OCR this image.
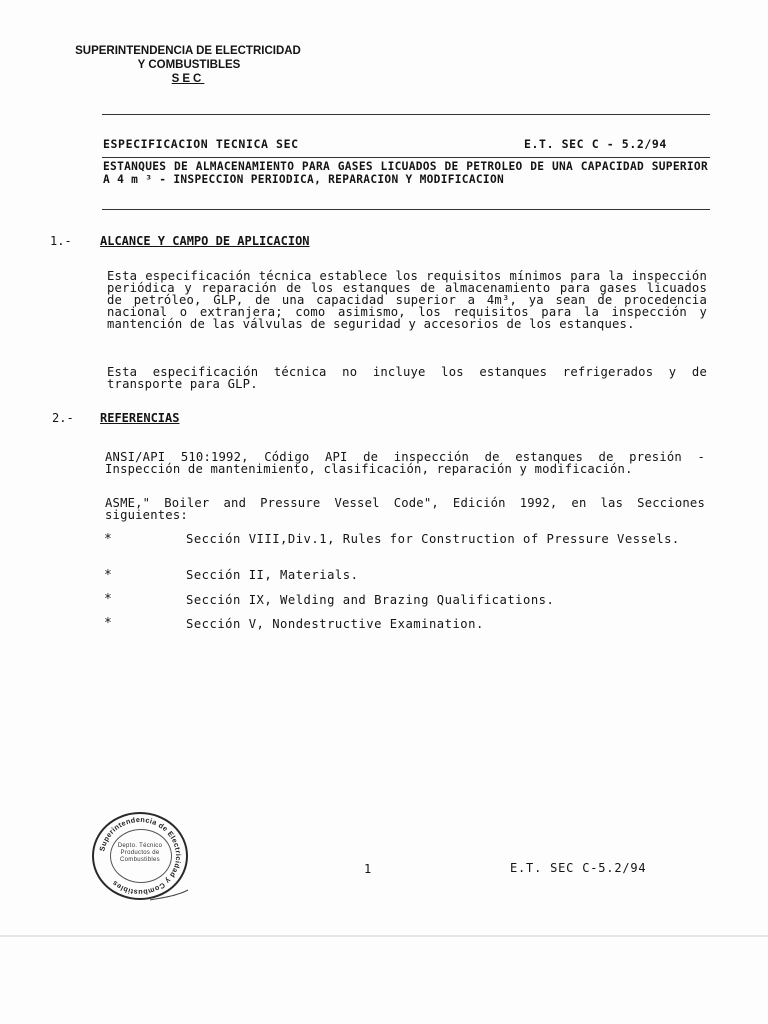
SUPERINTENDENCIA DE ELECTRICIDAD
Y COMBUSTIBLES
SEC
ESPECIFICACION TECNICA SEC	E.T. SEC C - 5.2/94
ESTANQUES DE ALMACENAMIENTO PARA GASES LICUADOS DE PETROLEO DE UNA CAPACIDAD SUPERIOR A 4 m ³ - INSPECCION PERIODICA, REPARACION Y MODIFICACION
1.- ALCANCE Y CAMPO DE APLICACION
Esta especificación técnica establece los requisitos mínimos para la inspección periódica y reparación de los estanques de almacenamiento para gases licuados de petróleo, GLP, de una capacidad superior a 4m³, ya sean de procedencia nacional o extranjera; como asimismo, los requisitos para la inspección y mantención de las válvulas de seguridad y accesorios de los estanques.
Esta especificación técnica no incluye los estanques refrigerados y de transporte para GLP.
2.- REFERENCIAS
ANSI/API 510:1992, Código API de inspección de estanques de presión - Inspección de mantenimiento, clasificación, reparación y modificación.
ASME," Boiler and Pressure Vessel Code", Edición 1992, en las Secciones siguientes:
*	Sección VIII,Div.1, Rules for Construction of Pressure Vessels.
*	Sección II, Materials.
*	Sección IX, Welding and Brazing Qualifications.
*	Sección V, Nondestructive Examination.
Superintendencia de Electricidad y Combustibles
Depto. Técnico
Productos de
Combustibles
1	E.T. SEC C-5.2/94
